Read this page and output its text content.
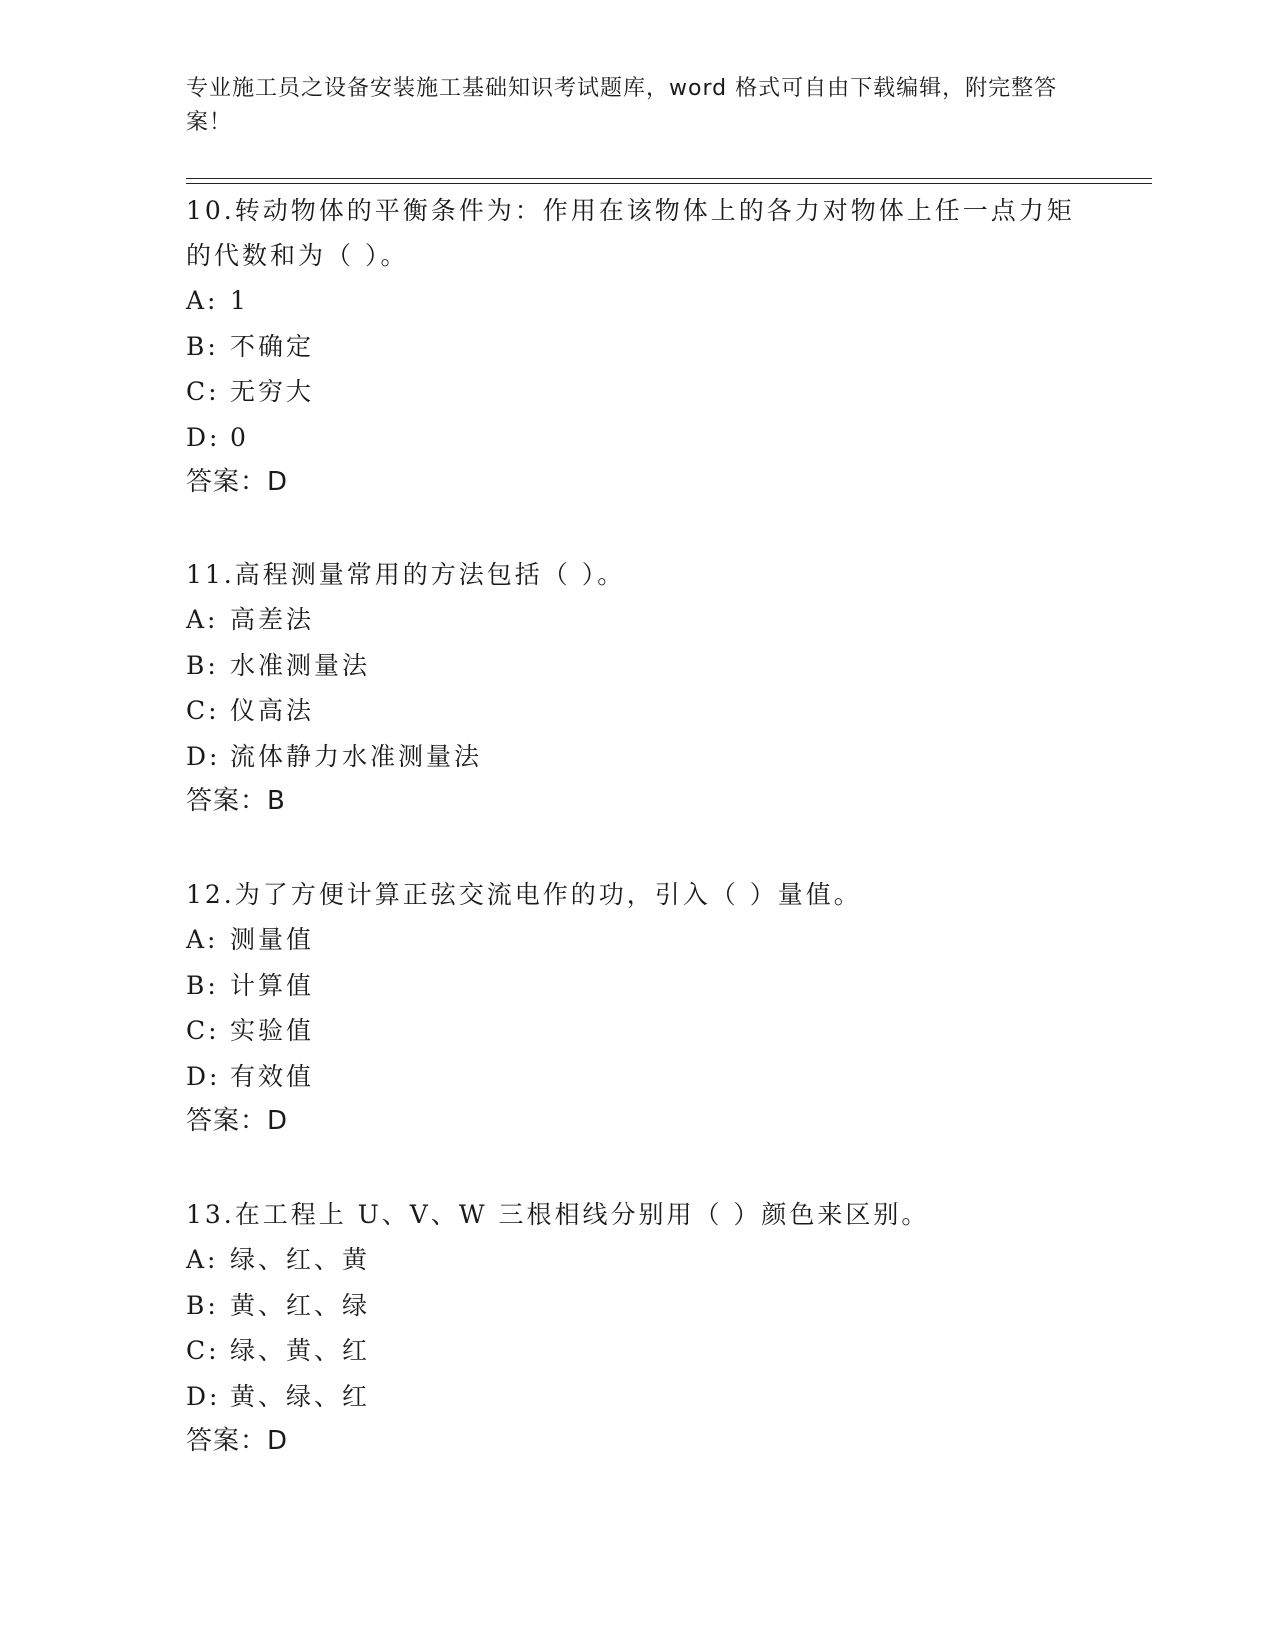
专业施工员之设备安装施工基础知识考试题库，word 格式可自由下载编辑，附完整答案！

10.转动物体的平衡条件为：作用在该物体上的各力对物体上任一点力矩的代数和为（ ）。

A: 1

B: 不确定

C: 无穷大

D: 0

答案：D

11.高程测量常用的方法包括（ ）。

A: 高差法

B: 水准测量法

C: 仪高法

D: 流体静力水准测量法

答案：B

12.为了方便计算正弦交流电作的功，引入（ ）量值。

A: 测量值

B: 计算值

C: 实验值

D: 有效值

答案：D

13.在工程上 U、V、W 三根相线分别用（ ）颜色来区别。

A: 绿、红、黄

B: 黄、红、绿

C: 绿、黄、红

D: 黄、绿、红

答案：D
